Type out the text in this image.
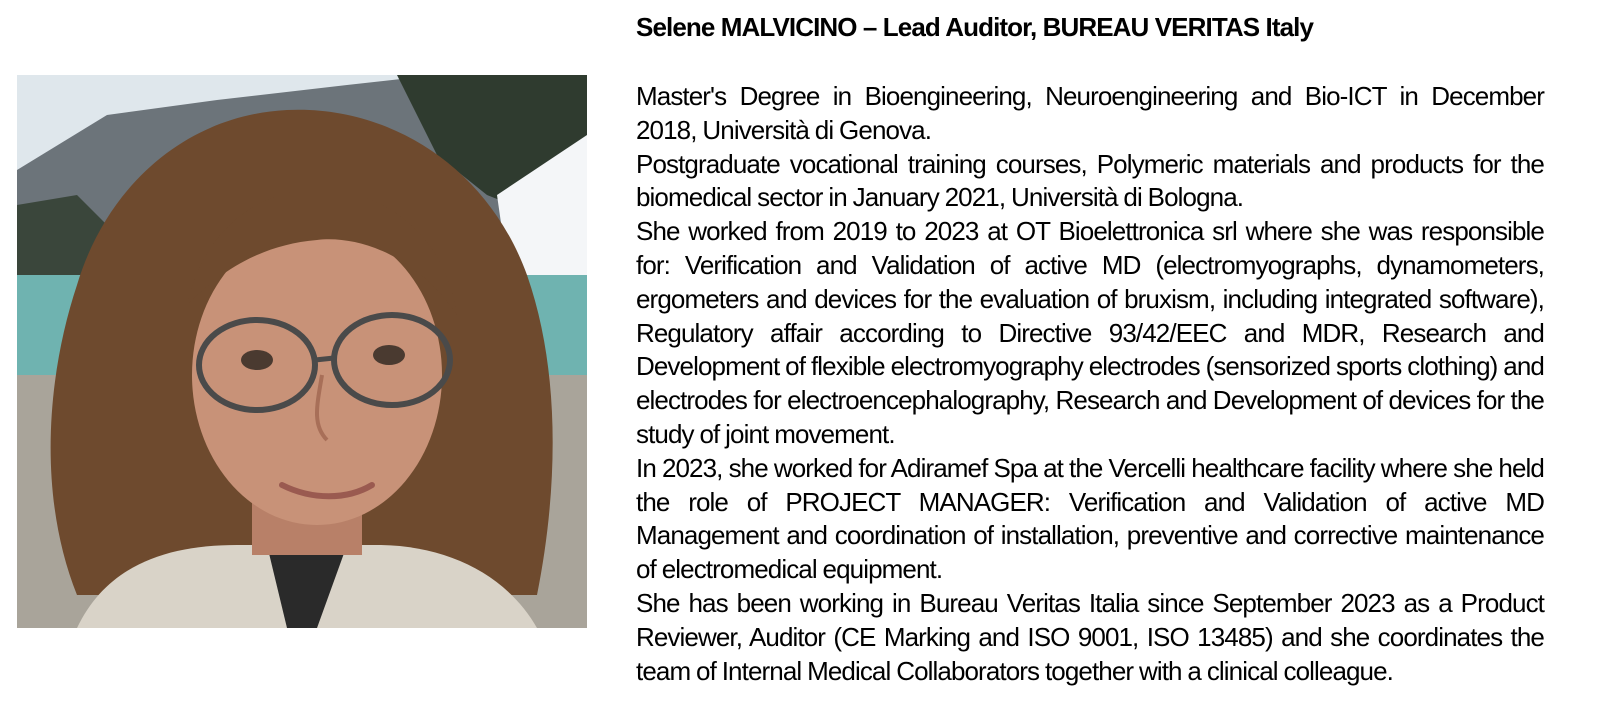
Selene MALVICINO – Lead Auditor, BUREAU VERITAS Italy

Master's Degree in Bioengineering, Neuroengineering and Bio-ICT in December 2018, Università di Genova.

Postgraduate vocational training courses, Polymeric materials and products for the biomedical sector in January 2021, Università di Bologna.

She worked from 2019 to 2023 at OT Bioelettronica srl where she was responsible for: Verification and Validation of active MD (electromyographs, dynamometers, ergometers and devices for the evaluation of bruxism, including integrated software), Regulatory affair according to Directive 93/42/EEC and MDR, Research and Development of flexible electromyography electrodes (sensorized sports clothing) and electrodes for electroencephalography, Research and Development of devices for the study of joint movement.

In 2023, she worked for Adiramef Spa at the Vercelli healthcare facility where she held the role of PROJECT MANAGER: Verification and Validation of active MD Management and coordination of installation, preventive and corrective maintenance of electromedical equipment.

She has been working in Bureau Veritas Italia since September 2023 as a Product Reviewer, Auditor (CE Marking and ISO 9001, ISO 13485) and she coordinates the team of Internal Medical Collaborators together with a clinical colleague.
